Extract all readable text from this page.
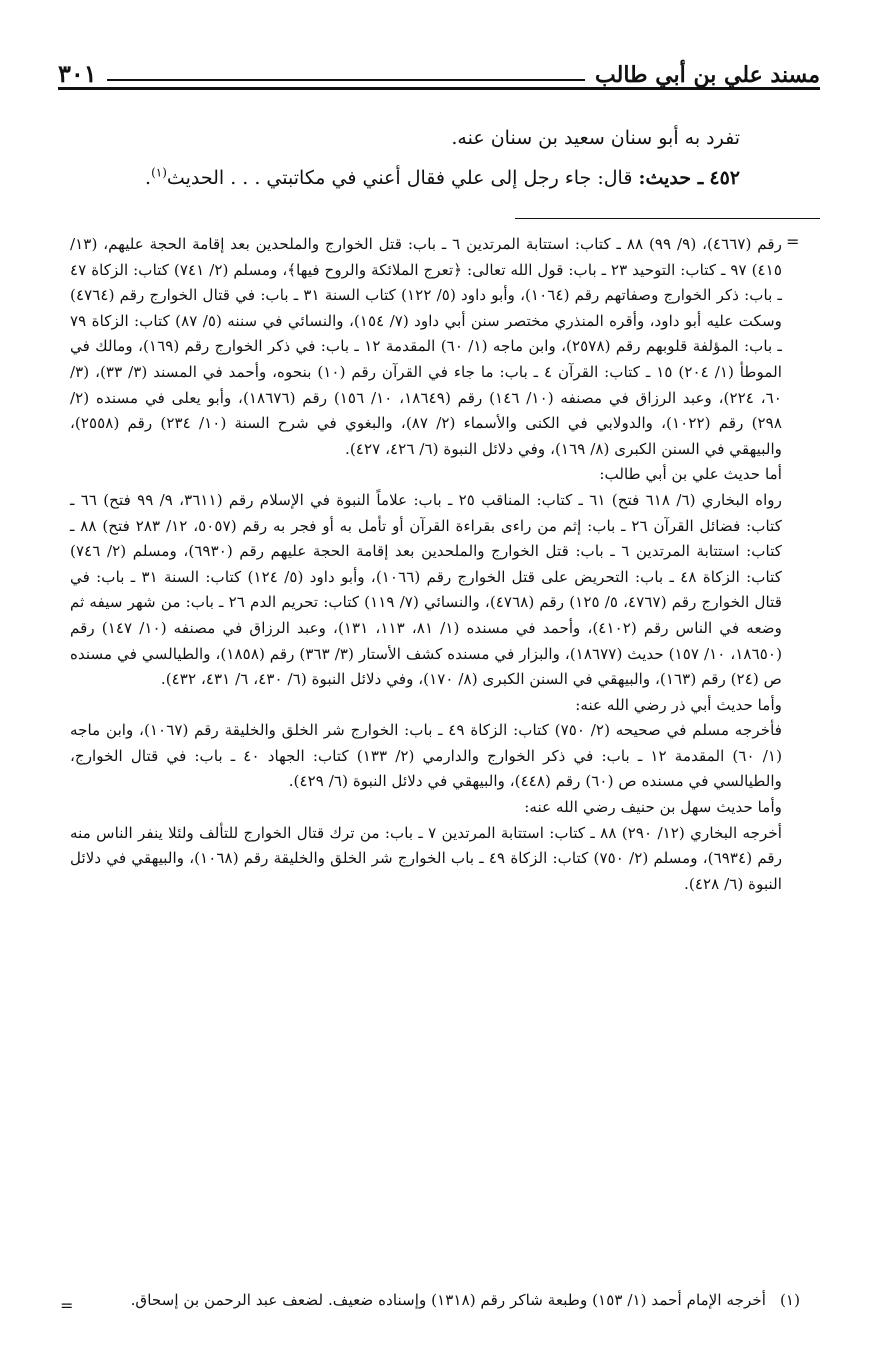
مسند علي بن أبي طالب
٣٠١

تفرد به أبو سنان سعيد بن سنان عنه.

٤٥٢ ـ حديث: قال: جاء رجل إلى علي فقال أعني في مكاتبتي . . . الحديث$^{(١)}$.

=

رقم (٤٦٦٧)، (٩/ ٩٩) ٨٨ ـ كتاب: استتابة المرتدين ٦ ـ باب: قتل الخوارج والملحدين بعد إقامة الحجة عليهم، (١٣/ ٤١٥) ٩٧ ـ كتاب: التوحيد ٢٣ ـ باب: قول الله تعالى: ﴿تعرج الملائكة والروح فيها﴾، ومسلم (٢/ ٧٤١) كتاب: الزكاة ٤٧ ـ باب: ذكر الخوارج وصفاتهم رقم (١٠٦٤)، وأبو داود (٥/ ١٢٢) كتاب السنة ٣١ ـ باب: في قتال الخوارج رقم (٤٧٦٤) وسكت عليه أبو داود، وأقره المنذري مختصر سنن أبي داود (٧/ ١٥٤)، والنسائي في سننه (٥/ ٨٧) كتاب: الزكاة ٧٩ ـ باب: المؤلفة قلوبهم رقم (٢٥٧٨)، وابن ماجه (١/ ٦٠) المقدمة ١٢ ـ باب: في ذكر الخوارج رقم (١٦٩)، ومالك في الموطأ (١/ ٢٠٤) ١٥ ـ كتاب: القرآن ٤ ـ باب: ما جاء في القرآن رقم (١٠) بنحوه، وأحمد في المسند (٣/ ٣٣)، (٣/ ٦٠، ٢٢٤)، وعبد الرزاق في مصنفه (١٠/ ١٤٦) رقم (١٨٦٤٩، ١٠/ ١٥٦) رقم (١٨٦٧٦)، وأبو يعلى في مسنده (٢/ ٢٩٨) رقم (١٠٢٢)، والدولابي في الكنى والأسماء (٢/ ٨٧)، والبغوي في شرح السنة (١٠/ ٢٣٤) رقم (٢٥٥٨)، والبيهقي في السنن الكبرى (٨/ ١٦٩)، وفي دلائل النبوة (٦/ ٤٢٦، ٤٢٧).

أما حديث علي بن أبي طالب:

رواه البخاري (٦/ ٦١٨ فتح) ٦١ ـ كتاب: المناقب ٢٥ ـ باب: علاماً النبوة في الإسلام رقم (٣٦١١، ٩/ ٩٩ فتح) ٦٦ ـ كتاب: فضائل القرآن ٢٦ ـ باب: إثم من راءى بقراءة القرآن أو تأمل به أو فجر به رقم (٥٠٥٧، ١٢/ ٢٨٣ فتح) ٨٨ ـ كتاب: استتابة المرتدين ٦ ـ باب: قتل الخوارج والملحدين بعد إقامة الحجة عليهم رقم (٦٩٣٠)، ومسلم (٢/ ٧٤٦) كتاب: الزكاة ٤٨ ـ باب: التحريض على قتل الخوارج رقم (١٠٦٦)، وأبو داود (٥/ ١٢٤) كتاب: السنة ٣١ ـ باب: في قتال الخوارج رقم (٤٧٦٧، ٥/ ١٢٥) رقم (٤٧٦٨)، والنسائي (٧/ ١١٩) كتاب: تحريم الدم ٢٦ ـ باب: من شهر سيفه ثم وضعه في الناس رقم (٤١٠٢)، وأحمد في مسنده (١/ ٨١، ١١٣، ١٣١)، وعبد الرزاق في مصنفه (١٠/ ١٤٧) رقم (١٨٦٥٠، ١٠/ ١٥٧) حديث (١٨٦٧٧)، والبزار في مسنده كشف الأستار (٣/ ٣٦٣) رقم (١٨٥٨)، والطيالسي في مسنده ص (٢٤) رقم (١٦٣)، والبيهقي في السنن الكبرى (٨/ ١٧٠)، وفي دلائل النبوة (٦/ ٤٣٠، ٦/ ٤٣١، ٤٣٢).

وأما حديث أبي ذر رضي الله عنه:

فأخرجه مسلم في صحيحه (٢/ ٧٥٠) كتاب: الزكاة ٤٩ ـ باب: الخوارج شر الخلق والخليقة رقم (١٠٦٧)، وابن ماجه (١/ ٦٠) المقدمة ١٢ ـ باب: في ذكر الخوارج والدارمي (٢/ ١٣٣) كتاب: الجهاد ٤٠ ـ باب: في قتال الخوارج، والطيالسي في مسنده ص (٦٠) رقم (٤٤٨)، والبيهقي في دلائل النبوة (٦/ ٤٢٩).

وأما حديث سهل بن حنيف رضي الله عنه:

أخرجه البخاري (١٢/ ٢٩٠) ٨٨ ـ كتاب: استتابة المرتدين ٧ ـ باب: من ترك قتال الخوارج للتألف ولئلا ينفر الناس منه رقم (٦٩٣٤)، ومسلم (٢/ ٧٥٠) كتاب: الزكاة ٤٩ ـ باب الخوارج شر الخلق والخليقة رقم (١٠٦٨)، والبيهقي في دلائل النبوة (٦/ ٤٢٨).

(١)
أخرجه الإمام أحمد (١/ ١٥٣) وطبعة شاكر رقم (١٣١٨) وإسناده ضعيف. لضعف عبد الرحمن بن إسحاق.
=
